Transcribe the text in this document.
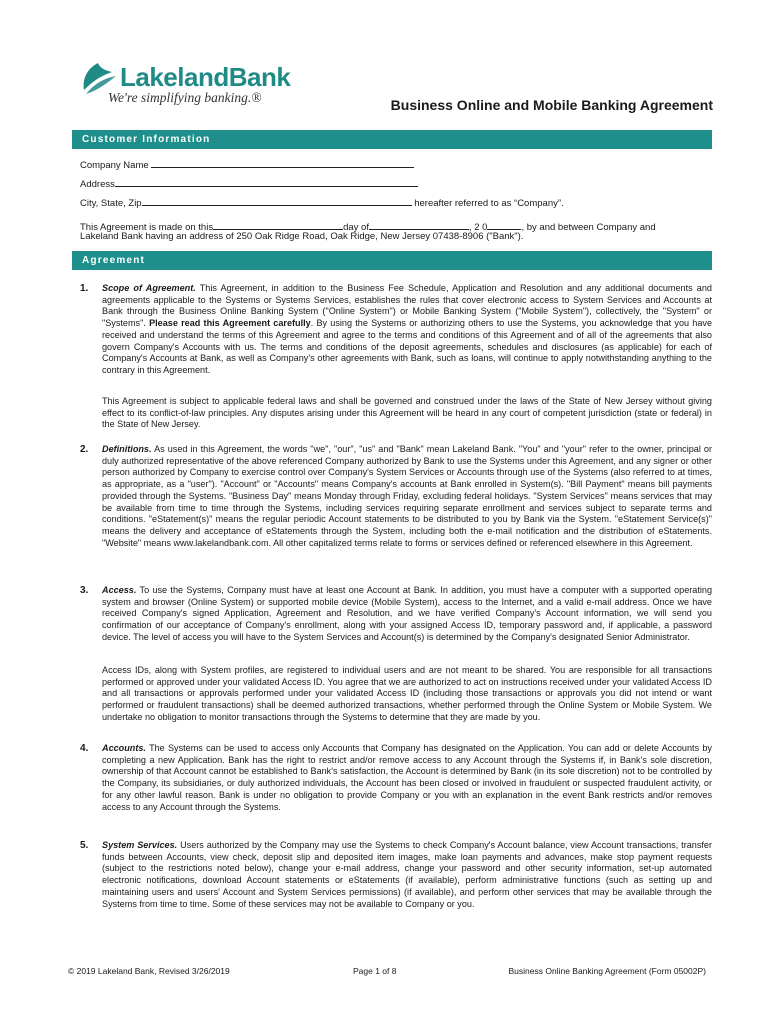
LakelandBank
We're simplifying banking.®	Business Online and Mobile Banking Agreement
Customer Information
Company Name
Address
City, State, Zip	hereafter referred to as “Company”.
This Agreement is made on this	day of	, 2 0	, by and between Company and
Lakeland Bank having an address of 250 Oak Ridge Road, Oak Ridge, New Jersey 07438-8906 ("Bank").
Agreement
1. Scope of Agreement. This Agreement, in addition to the Business Fee Schedule, Application and Resolution and any additional documents and agreements applicable to the Systems or Systems Services, establishes the rules that cover electronic access to System Services and Accounts at Bank through the Business Online Banking System ("Online System") or Mobile Banking System ("Mobile System"), collectively, the "System" or "Systems". Please read this Agreement carefully. By using the Systems or authorizing others to use the Systems, you acknowledge that you have received and understand the terms of this Agreement and agree to the terms and conditions of this Agreement and of all of the agreements that also govern Company's Accounts with us. The terms and conditions of the deposit agreements, schedules and disclosures (as applicable) for each of Company's Accounts at Bank, as well as Company's other agreements with Bank, such as loans, will continue to apply notwithstanding anything to the contrary in this Agreement.
This Agreement is subject to applicable federal laws and shall be governed and construed under the laws of the State of New Jersey without giving effect to its conflict-of-law principles. Any disputes arising under this Agreement will be heard in any court of competent jurisdiction (state or federal) in the State of New Jersey.
2. Definitions. As used in this Agreement, the words "we", "our", "us" and "Bank" mean Lakeland Bank. "You" and "your" refer to the owner, principal or duly authorized representative of the above referenced Company authorized by Bank to use the Systems under this Agreement, and any signer or other person authorized by Company to exercise control over Company's System Services or Accounts through use of the Systems (also referred to at times, as appropriate, as a "user"). "Account" or "Accounts" means Company's accounts at Bank enrolled in System(s). "Bill Payment" means bill payments provided through the Systems. "Business Day" means Monday through Friday, excluding federal holidays. "System Services" means services that may be available from time to time through the Systems, including services requiring separate enrollment and services subject to separate terms and conditions. "eStatement(s)" means the regular periodic Account statements to be distributed to you by Bank via the System. "eStatement Service(s)" means the delivery and acceptance of eStatements through the System, including both the e-mail notification and the distribution of eStatements. "Website" means www.lakelandbank.com. All other capitalized terms relate to forms or services defined or referenced elsewhere in this Agreement.
3. Access. To use the Systems, Company must have at least one Account at Bank. In addition, you must have a computer with a supported operating system and browser (Online System) or supported mobile device (Mobile System), access to the Internet, and a valid e-mail address. Once we have received Company's signed Application, Agreement and Resolution, and we have verified Company's Account information, we will send you confirmation of our acceptance of Company's enrollment, along with your assigned Access ID, temporary password and, if applicable, a password device. The level of access you will have to the System Services and Account(s) is determined by the Company's designated Senior Administrator.
Access IDs, along with System profiles, are registered to individual users and are not meant to be shared. You are responsible for all transactions performed or approved under your validated Access ID. You agree that we are authorized to act on instructions received under your validated Access ID and all transactions or approvals performed under your validated Access ID (including those transactions or approvals you did not intend or want performed or fraudulent transactions) shall be deemed authorized transactions, whether performed through the Online System or Mobile System. We undertake no obligation to monitor transactions through the Systems to determine that they are made by you.
4. Accounts. The Systems can be used to access only Accounts that Company has designated on the Application. You can add or delete Accounts by completing a new Application. Bank has the right to restrict and/or remove access to any Account through the Systems if, in Bank's sole discretion, ownership of that Account cannot be established to Bank's satisfaction, the Account is determined by Bank (in its sole discretion) not to be controlled by the Company, its subsidiaries, or duly authorized individuals, the Account has been closed or involved in fraudulent or suspected fraudulent activity, or for any other lawful reason. Bank is under no obligation to provide Company or you with an explanation in the event Bank restricts and/or removes access to any Account through the Systems.
5. System Services. Users authorized by the Company may use the Systems to check Company's Account balance, view Account transactions, transfer funds between Accounts, view check, deposit slip and deposited item images, make loan payments and advances, make stop payment requests (subject to the restrictions noted below), change your e-mail address, change your password and other security information, set-up automated electronic notifications, download Account statements or eStatements (if available), perform administrative functions (such as setting up and maintaining users and users' Account and System Services permissions) (if available), and perform other services that may be available through the Systems from time to time. Some of these services may not be available to Company or you.
© 2019 Lakeland Bank, Revised 3/26/2019	Page 1 of 8	Business Online Banking Agreement (Form 05002P)
